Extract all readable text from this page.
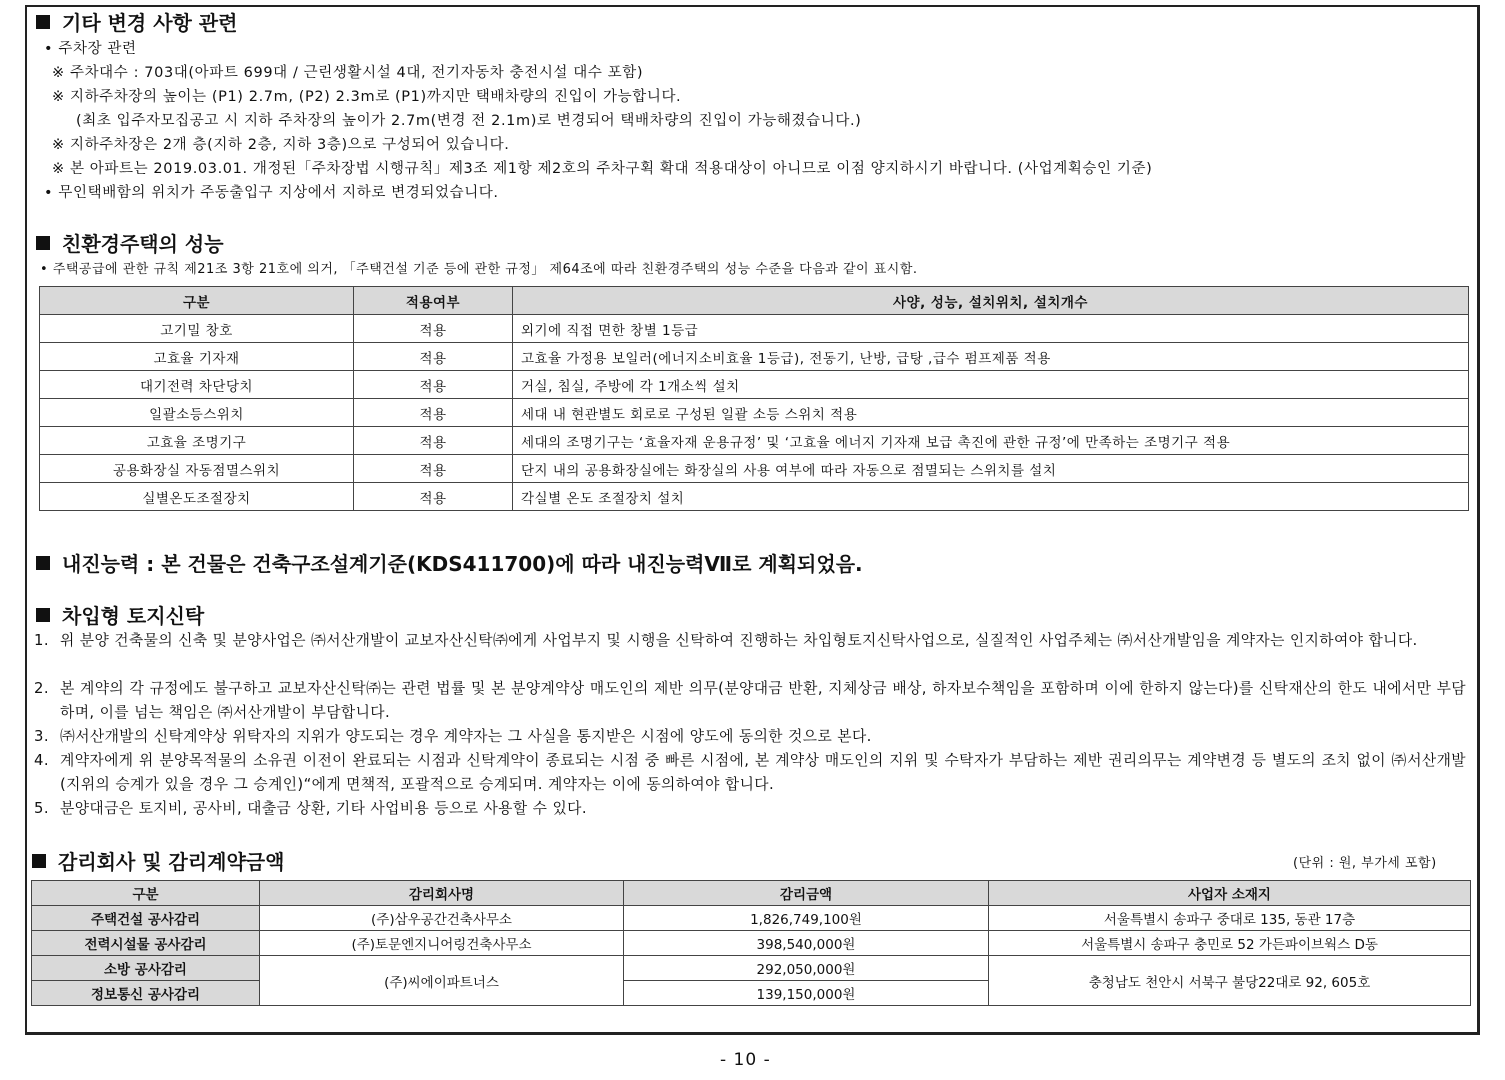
기타 변경 사항 관련
• 주차장 관련
※ 주차대수 : 703대(아파트 699대 / 근린생활시설 4대, 전기자동차 충전시설 대수 포함)
※ 지하주차장의 높이는 (P1) 2.7m, (P2) 2.3m로 (P1)까지만 택배차량의 진입이 가능합니다.
(최초 입주자모집공고 시 지하 주차장의 높이가 2.7m(변경 전 2.1m)로 변경되어 택배차량의 진입이 가능해졌습니다.)
※ 지하주차장은 2개 층(지하 2층, 지하 3층)으로 구성되어 있습니다.
※ 본 아파트는 2019.03.01. 개정된「주차장법 시행규칙」제3조 제1항 제2호의 주차구획 확대 적용대상이 아니므로 이점 양지하시기 바랍니다. (사업계획승인 기준)
• 무인택배함의 위치가 주동출입구 지상에서 지하로 변경되었습니다.
친환경주택의 성능
• 주택공급에 관한 규칙 제21조 3항 21호에 의거, 「주택건설 기준 등에 관한 규정」 제64조에 따라 친환경주택의 성능 수준을 다음과 같이 표시함.
구분	적용여부	사양, 성능, 설치위치, 설치개수
고기밀 창호	적용	외기에 직접 면한 창별 1등급
고효율 기자재	적용	고효율 가정용 보일러(에너지소비효율 1등급), 전동기, 난방, 급탕 ,급수 펌프제품 적용
대기전력 차단당치	적용	거실, 침실, 주방에 각 1개소씩 설치
일괄소등스위치	적용	세대 내 현관별도 회로로 구성된 일괄 소등 스위치 적용
고효율 조명기구	적용	세대의 조명기구는 ‘효율자재 운용규정’ 및 ‘고효율 에너지 기자재 보급 촉진에 관한 규정’에 만족하는 조명기구 적용
공용화장실 자동점멸스위치	적용	단지 내의 공용화장실에는 화장실의 사용 여부에 따라 자동으로 점멸되는 스위치를 설치
실별온도조절장치	적용	각실별 온도 조절장치 설치
내진능력 : 본 건물은 건축구조설계기준(KDS411700)에 따라 내진능력Ⅶ로 계획되었음.
차입형 토지신탁
1. 위 분양 건축물의 신축 및 분양사업은 ㈜서산개발이 교보자산신탁㈜에게 사업부지 및 시행을 신탁하여 진행하는 차입형토지신탁사업으로, 실질적인 사업주체는 ㈜서산개발임을 계약자는 인지하여야 합니다.
2. 본 계약의 각 규정에도 불구하고 교보자산신탁㈜는 관련 법률 및 본 분양계약상 매도인의 제반 의무(분양대금 반환, 지체상금 배상, 하자보수책임을 포함하며 이에 한하지 않는다)를 신탁재산의 한도 내에서만 부담하며, 이를 넘는 책임은 ㈜서산개발이 부담합니다.
3. ㈜서산개발의 신탁계약상 위탁자의 지위가 양도되는 경우 계약자는 그 사실을 통지받은 시점에 양도에 동의한 것으로 본다.
4. 계약자에게 위 분양목적물의 소유권 이전이 완료되는 시점과 신탁계약이 종료되는 시점 중 빠른 시점에, 본 계약상 매도인의 지위 및 수탁자가 부담하는 제반 권리의무는 계약변경 등 별도의 조치 없이 ㈜서산개발(지위의 승계가 있을 경우 그 승계인)“에게 면책적, 포괄적으로 승계되며. 계약자는 이에 동의하여야 합니다.
5. 분양대금은 토지비, 공사비, 대출금 상환, 기타 사업비용 등으로 사용할 수 있다.
감리회사 및 감리계약금액	(단위 : 원, 부가세 포함)
구분	감리회사명	감리금액	사업자 소재지
주택건설 공사감리	(주)삼우공간건축사무소	1,826,749,100원	서울특별시 송파구 중대로 135, 동관 17층
전력시설물 공사감리	(주)토문엔지니어링건축사무소	398,540,000원	서울특별시 송파구 충민로 52 가든파이브웍스 D동
소방 공사감리	(주)씨에이파트너스	292,050,000원	충청남도 천안시 서북구 불당22대로 92, 605호
정보통신 공사감리		139,150,000원	
- 10 -
